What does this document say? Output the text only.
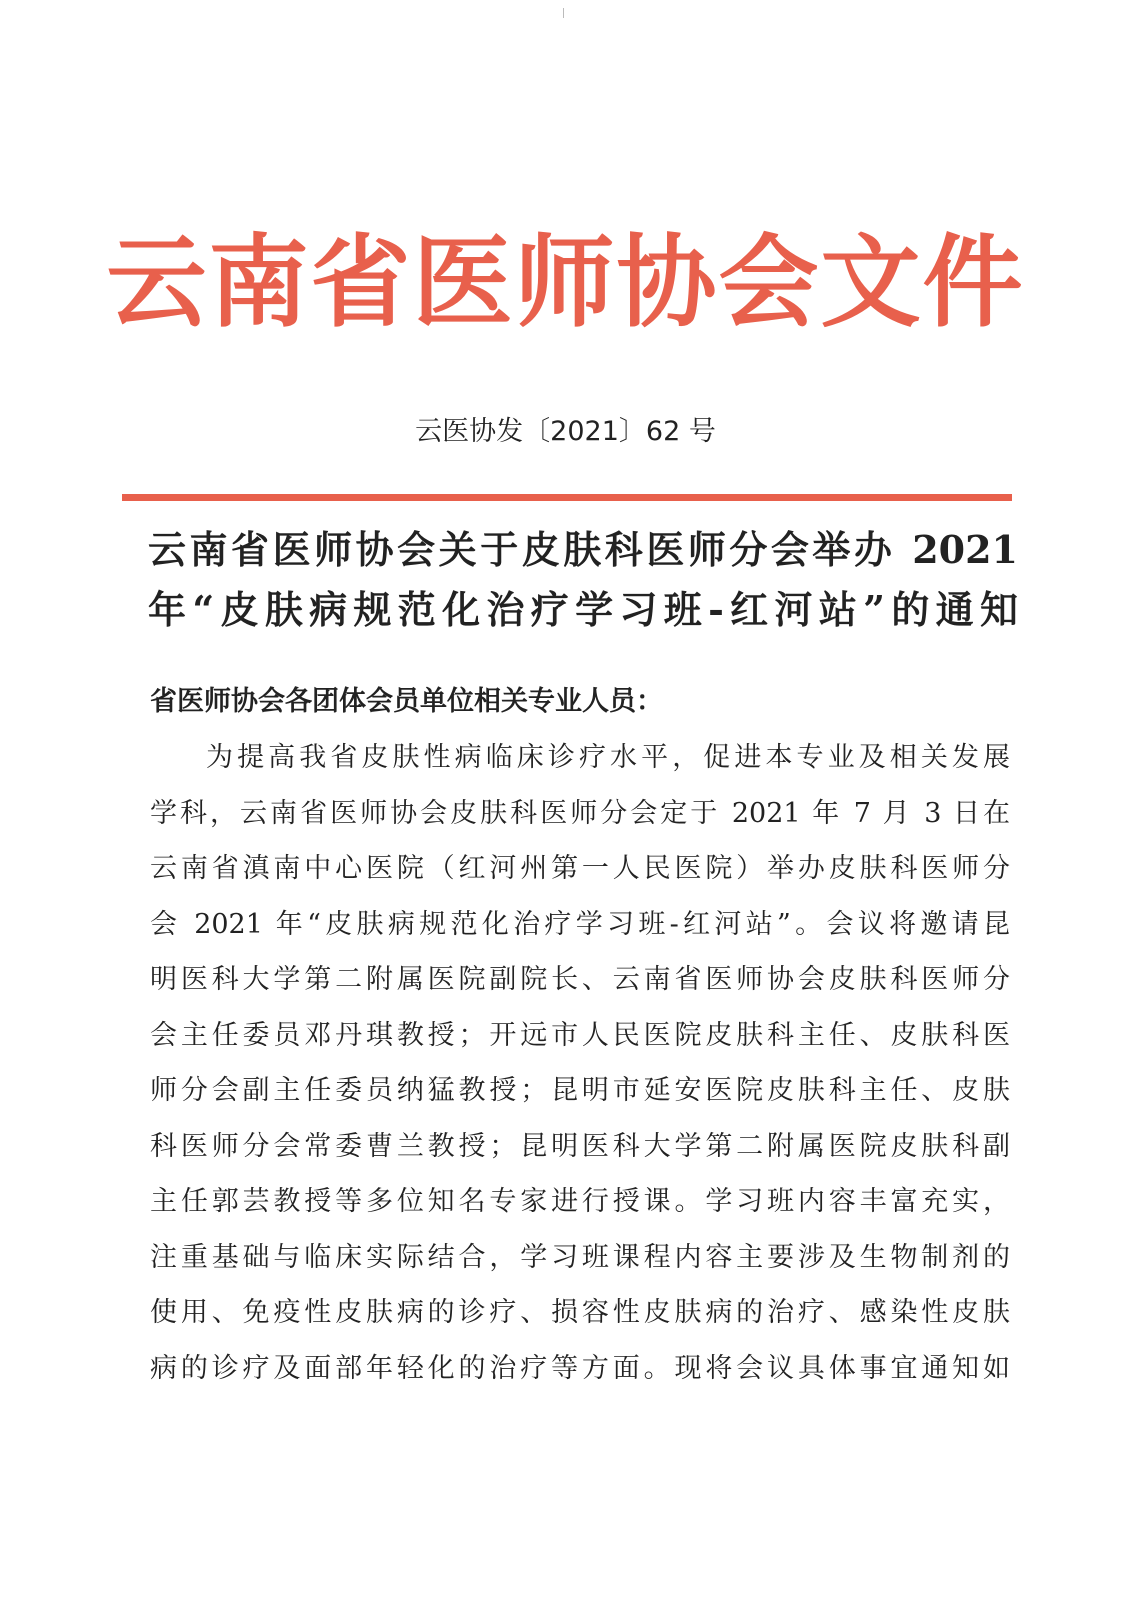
云南省医师协会文件
云医协发〔2021〕62 号
云南省医师协会关于皮肤科医师分会举办 2021
年“皮肤病规范化治疗学习班-红河站”的通知
省医师协会各团体会员单位相关专业人员：
为提高我省皮肤性病临床诊疗水平，促进本专业及相关发展
学科，云南省医师协会皮肤科医师分会定于 2021 年 7 月 3 日在
云南省滇南中心医院（红河州第一人民医院）举办皮肤科医师分
会 2021 年“皮肤病规范化治疗学习班-红河站”。会议将邀请昆
明医科大学第二附属医院副院长、云南省医师协会皮肤科医师分
会主任委员邓丹琪教授；开远市人民医院皮肤科主任、皮肤科医
师分会副主任委员纳猛教授；昆明市延安医院皮肤科主任、皮肤
科医师分会常委曹兰教授；昆明医科大学第二附属医院皮肤科副
主任郭芸教授等多位知名专家进行授课。学习班内容丰富充实，
注重基础与临床实际结合，学习班课程内容主要涉及生物制剂的
使用、免疫性皮肤病的诊疗、损容性皮肤病的治疗、感染性皮肤
病的诊疗及面部年轻化的治疗等方面。现将会议具体事宜通知如
